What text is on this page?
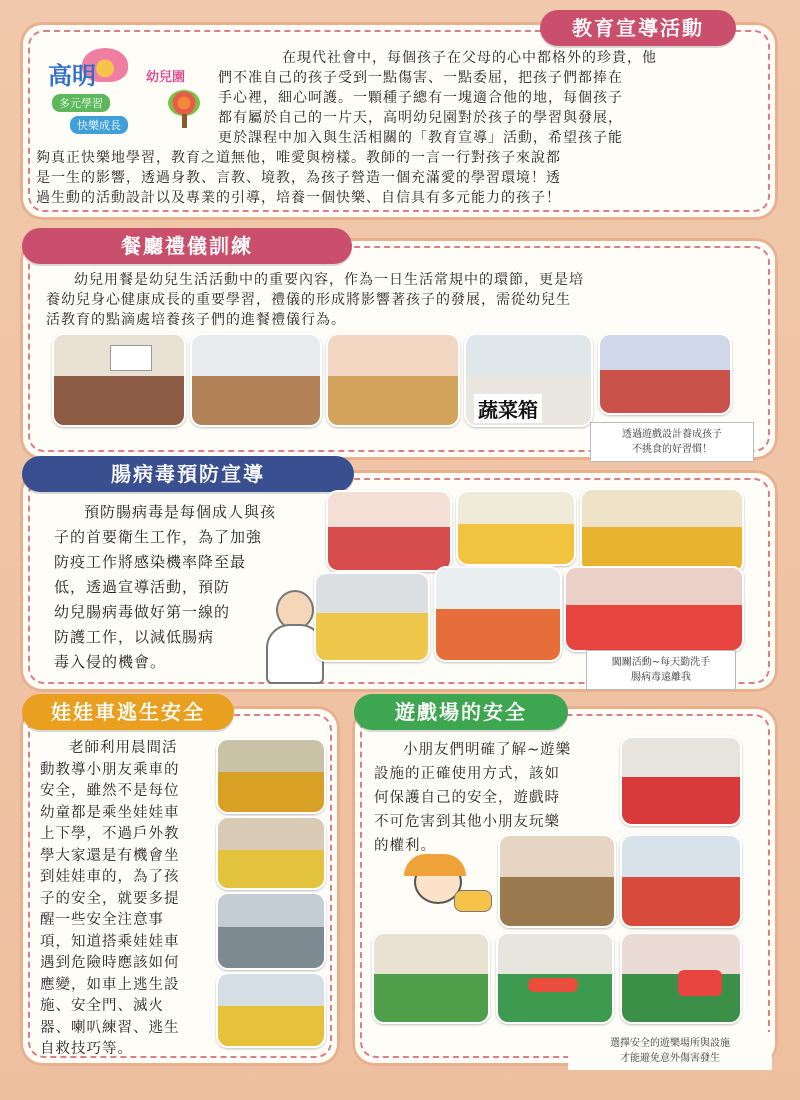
教育宣導活動
高明	幼兒園
多元學習
快樂成長
在現代社會中，每個孩子在父母的心中都格外的珍貴，他
們不准自己的孩子受到一點傷害、一點委屈，把孩子們都捧在
手心裡，細心呵護。一顆種子總有一塊適合他的地，每個孩子
都有屬於自己的一片天，高明幼兒園對於孩子的學習與發展，
更於課程中加入與生活相關的「教育宣導」活動，希望孩子能
夠真正快樂地學習，教育之道無他，唯愛與榜樣。教師的一言一行對孩子來說都
是一生的影響，透過身教、言教、境教，為孩子營造一個充滿愛的學習環境！透
過生動的活動設計以及專業的引導，培養一個快樂、自信具有多元能力的孩子！
餐廳禮儀訓練
幼兒用餐是幼兒生活活動中的重要內容，作為一日生活常規中的環節，更是培
養幼兒身心健康成長的重要學習，禮儀的形成將影響著孩子的發展，需從幼兒生
活教育的點滴處培養孩子們的進餐禮儀行為。
蔬菜箱
透過遊戲設計養成孩子
不挑食的好習慣！
腸病毒預防宣導
預防腸病毒是每個成人與孩
子的首要衛生工作，為了加強
防疫工作將感染機率降至最
低，透過宣導活動，預防
幼兒腸病毒做好第一線的
防護工作，以減低腸病
毒入侵的機會。	闖關活動~每天勤洗手
腸病毒遠離我
娃娃車逃生安全
老師利用晨間活
動教導小朋友乘車的
安全，雖然不是每位
幼童都是乘坐娃娃車
上下學，不過戶外教
學大家還是有機會坐
到娃娃車的，為了孩
子的安全，就要多提
醒一些安全注意事
項，知道搭乘娃娃車
遇到危險時應該如何
應變，如車上逃生設
施、安全門、滅火
器、喇叭練習、逃生
自救技巧等。
遊戲場的安全
小朋友們明確了解~遊樂
設施的正確使用方式，該如
何保護自己的安全，遊戲時
不可危害到其他小朋友玩樂
的權利。
選擇安全的遊樂場所與設施
才能避免意外傷害發生
